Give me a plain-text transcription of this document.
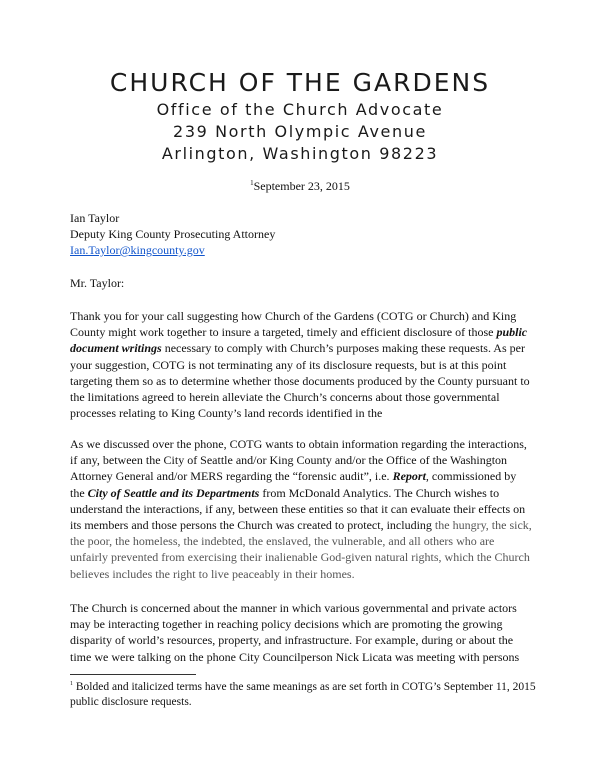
CHURCH OF THE GARDENS
Office of the Church Advocate
239 North Olympic Avenue
Arlington, Washington 98223
$^1$September 23, 2015
Ian Taylor
Deputy King County Prosecuting Attorney
Ian.Taylor@kingcounty.gov
Mr. Taylor:

Thank you for your call suggesting how Church of the Gardens (COTG or Church) and King County might work together to insure a targeted, timely and efficient disclosure of those public document writings necessary to comply with Church’s purposes making these requests. As per your suggestion, COTG is not terminating any of its disclosure requests, but is at this point targeting them so as to determine whether those documents produced by the County pursuant to the limitations agreed to herein alleviate the Church’s concerns about those governmental processes relating to King County’s land records identified in the

As we discussed over the phone, COTG wants to obtain information regarding the interactions, if any, between the City of Seattle and/or King County and/or the Office of the Washington Attorney General and/or MERS regarding the “forensic audit”, i.e. Report, commissioned by the City of Seattle and its Departments from McDonald Analytics. The Church wishes to understand the interactions, if any, between these entities so that it can evaluate their effects on its members and those persons the Church was created to protect, including the hungry, the sick, the poor, the homeless, the indebted, the enslaved, the vulnerable, and all others who are unfairly prevented from exercising their inalienable God-given natural rights, which the Church believes includes the right to live peaceably in their homes.

The Church is concerned about the manner in which various governmental and private actors may be interacting together in reaching policy decisions which are promoting the growing disparity of world’s resources, property, and infrastructure. For example, during or about the time we were talking on the phone City Councilperson Nick Licata was meeting with persons

$^1$ Bolded and italicized terms have the same meanings as are set forth in COTG’s September 11, 2015 public disclosure requests.
